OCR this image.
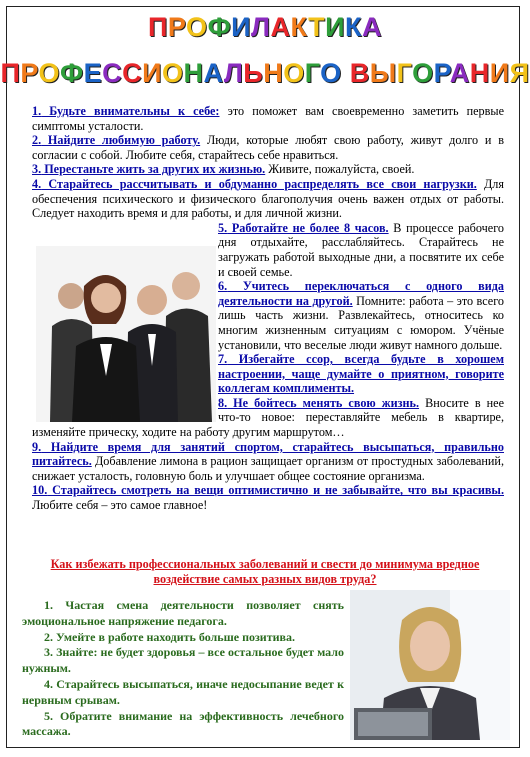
ПРОФИЛАКТИКА
ПРОФЕССИОНАЛЬНОГО ВЫГОРАНИЯ

1. Будьте внимательны к себе: это поможет вам своевременно заметить первые симптомы усталости.

2. Найдите любимую работу. Люди, которые любят свою работу, живут долго и в согласии с собой. Любите себя, старайтесь себе нравиться.

3. Перестаньте жить за других их жизнью. Живите, пожалуйста, своей.

4. Старайтесь рассчитывать и обдуманно распределять все свои нагрузки. Для обеспечения психического и физического благополучия очень важен отдых от работы. Следует находить время и для работы, и для личной жизни.

5. Работайте не более 8 часов. В процессе рабочего дня отдыхайте, расслабляйтесь. Старайтесь не загружать работой выходные дни, а посвятите их себе и своей семье.

6. Учитесь переключаться с одного вида деятельности на другой. Помните: работа – это всего лишь часть жизни. Развлекайтесь, относитесь ко многим жизненным ситуациям с юмором. Учёные установили, что веселые люди живут намного дольше.

7. Избегайте ссор, всегда будьте в хорошем настроении, чаще думайте о приятном, говорите коллегам комплименты.

8. Не бойтесь менять свою жизнь. Вносите в нее что-то новое: переставляйте мебель в квартире, изменяйте прическу, ходите на работу другим маршрутом…

9. Найдите время для занятий спортом, старайтесь высыпаться, правильно питайтесь. Добавление лимона в рацион защищает организм от простудных заболеваний, снижает усталость, головную боль и улучшает общее состояние организма.

10. Старайтесь смотреть на вещи оптимистично и не забывайте, что вы красивы. Любите себя – это самое главное!

Как избежать профессиональных заболеваний и свести до минимума вредное воздействие самых разных видов труда?

1. Частая смена деятельности позволяет снять эмоциональное напряжение педагога.

2. Умейте в работе находить больше позитива.

3. Знайте: не будет здоровья – все остальное будет мало нужным.

4. Старайтесь высыпаться, иначе недосыпание ведет к нервным срывам.

5. Обратите внимание на эффективность лечебного массажа.
